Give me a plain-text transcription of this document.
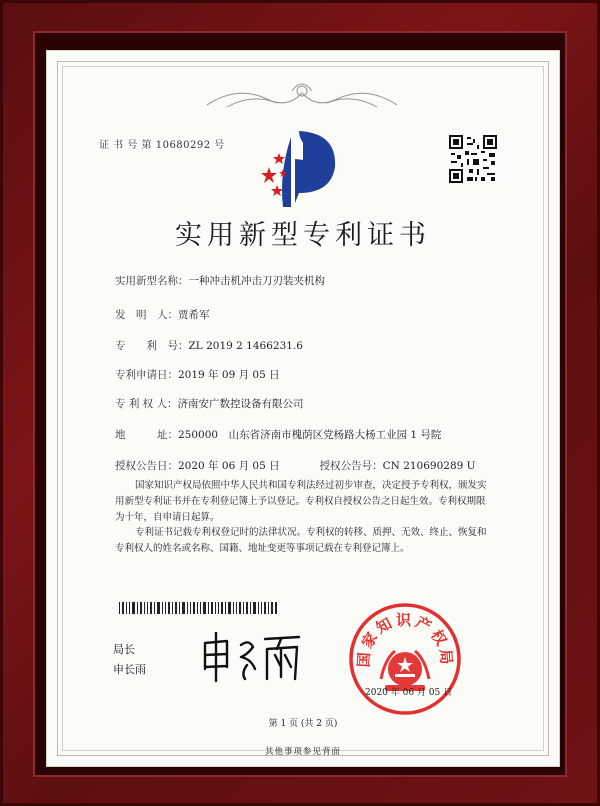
证 书 号 第 10680292 号
实用新型专利证书
实用新型名称：一种冲击机冲击刀刃装夹机构
发　明　人：贾希军
专　　利　号：ZL 2019 2 1466231.6
专利申请日：2019 年 09 月 05 日
专 利 权 人：济南安广数控设备有限公司
地　　　址：250000　山东省济南市槐荫区党杨路大杨工业园 1 号院
授权公告日：2020 年 06 月 05 日	授权公告号：CN 210690289 U
国家知识产权局依照中华人民共和国专利法经过初步审查，决定授予专利权，颁发实用新型专利证书并在专利登记簿上予以登记。专利权自授权公告之日起生效。专利权期限为十年，自申请日起算。
专利证书记载专利权登记时的法律状况。专利权的转移、质押、无效、终止、恢复和专利权人的姓名或名称、国籍、地址变更等事项记载在专利登记簿上。
局长
申长雨
国家知识产权局
2020 年 06 月 05 日
第 1 页 (共 2 页)
其他事项参见背面
